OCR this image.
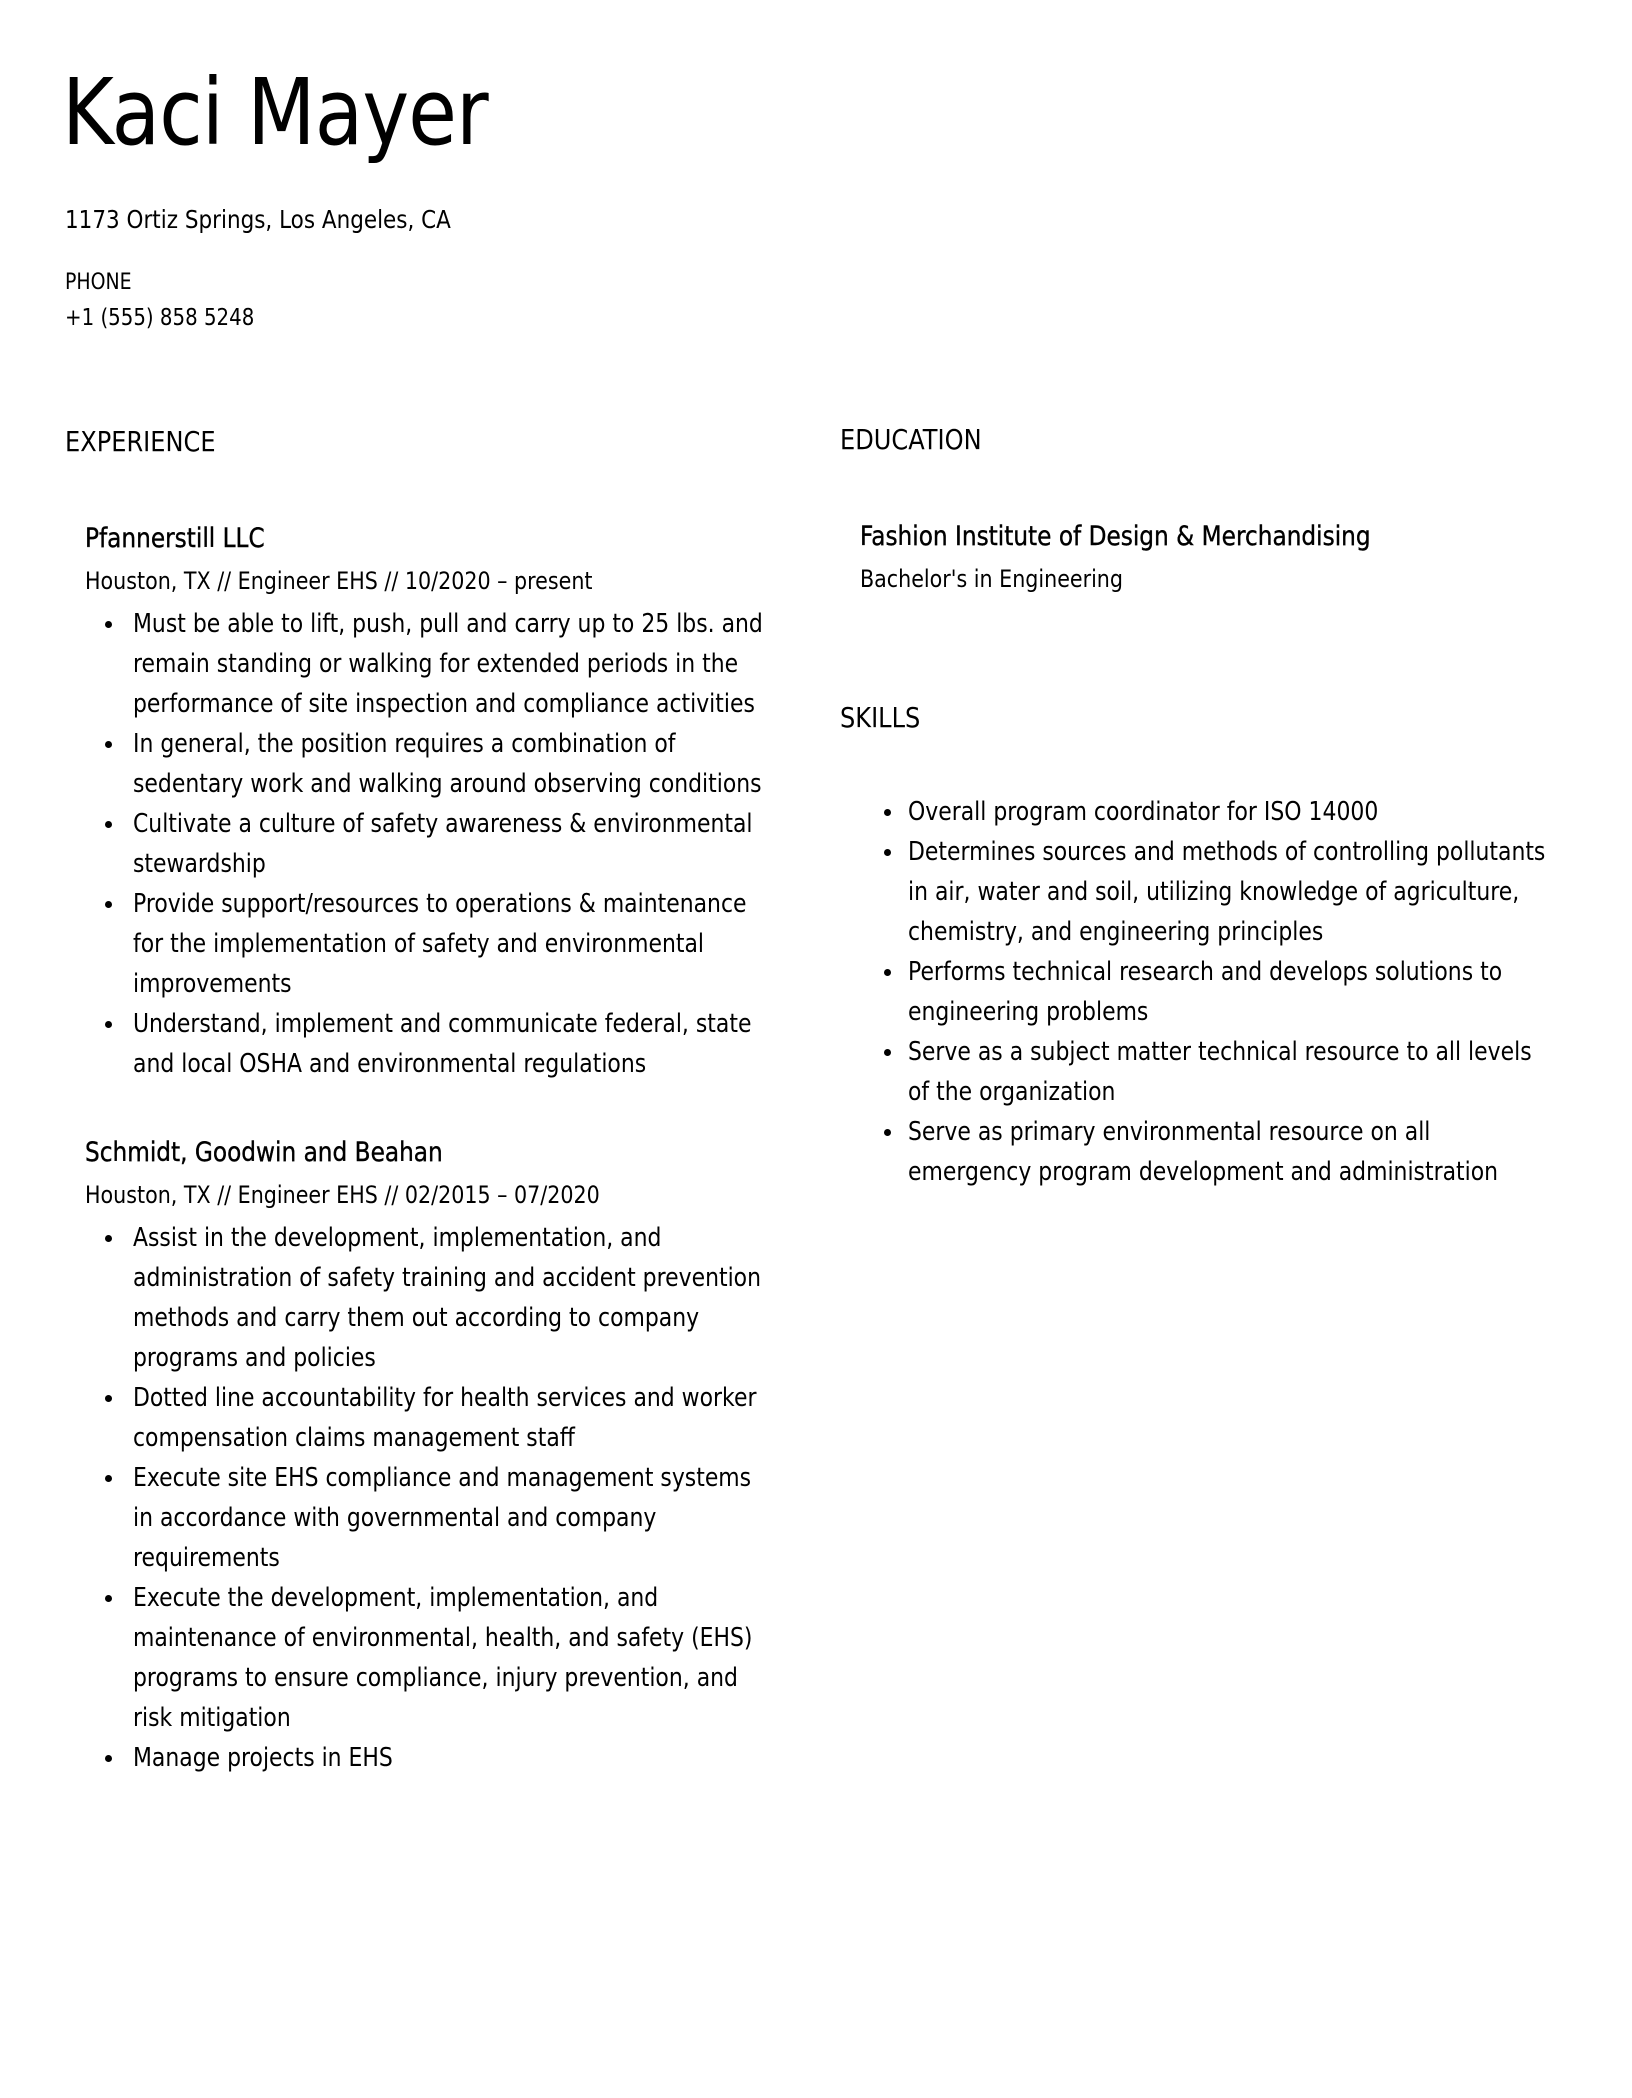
Kaci Mayer
1173 Ortiz Springs, Los Angeles, CA
PHONE
+1 (555) 858 5248
EXPERIENCE
Pfannerstill LLC
Houston, TX // Engineer EHS // 10/2020 – present
Must be able to lift, push, pull and carry up to 25 lbs. and remain standing or walking for extended periods in the performance of site inspection and compliance activities
In general, the position requires a combination of sedentary work and walking around observing conditions
Cultivate a culture of safety awareness & environmental stewardship
Provide support/resources to operations & maintenance for the implementation of safety and environmental improvements
Understand, implement and communicate federal, state and local OSHA and environmental regulations
Schmidt, Goodwin and Beahan
Houston, TX // Engineer EHS // 02/2015 – 07/2020
Assist in the development, implementation, and administration of safety training and accident prevention methods and carry them out according to company programs and policies
Dotted line accountability for health services and worker compensation claims management staff
Execute site EHS compliance and management systems in accordance with governmental and company requirements
Execute the development, implementation, and maintenance of environmental, health, and safety (EHS) programs to ensure compliance, injury prevention, and risk mitigation
Manage projects in EHS
EDUCATION
Fashion Institute of Design & Merchandising
Bachelor's in Engineering
SKILLS
Overall program coordinator for ISO 14000
Determines sources and methods of controlling pollutants in air, water and soil, utilizing knowledge of agriculture, chemistry, and engineering principles
Performs technical research and develops solutions to engineering problems
Serve as a subject matter technical resource to all levels of the organization
Serve as primary environmental resource on all emergency program development and administration
